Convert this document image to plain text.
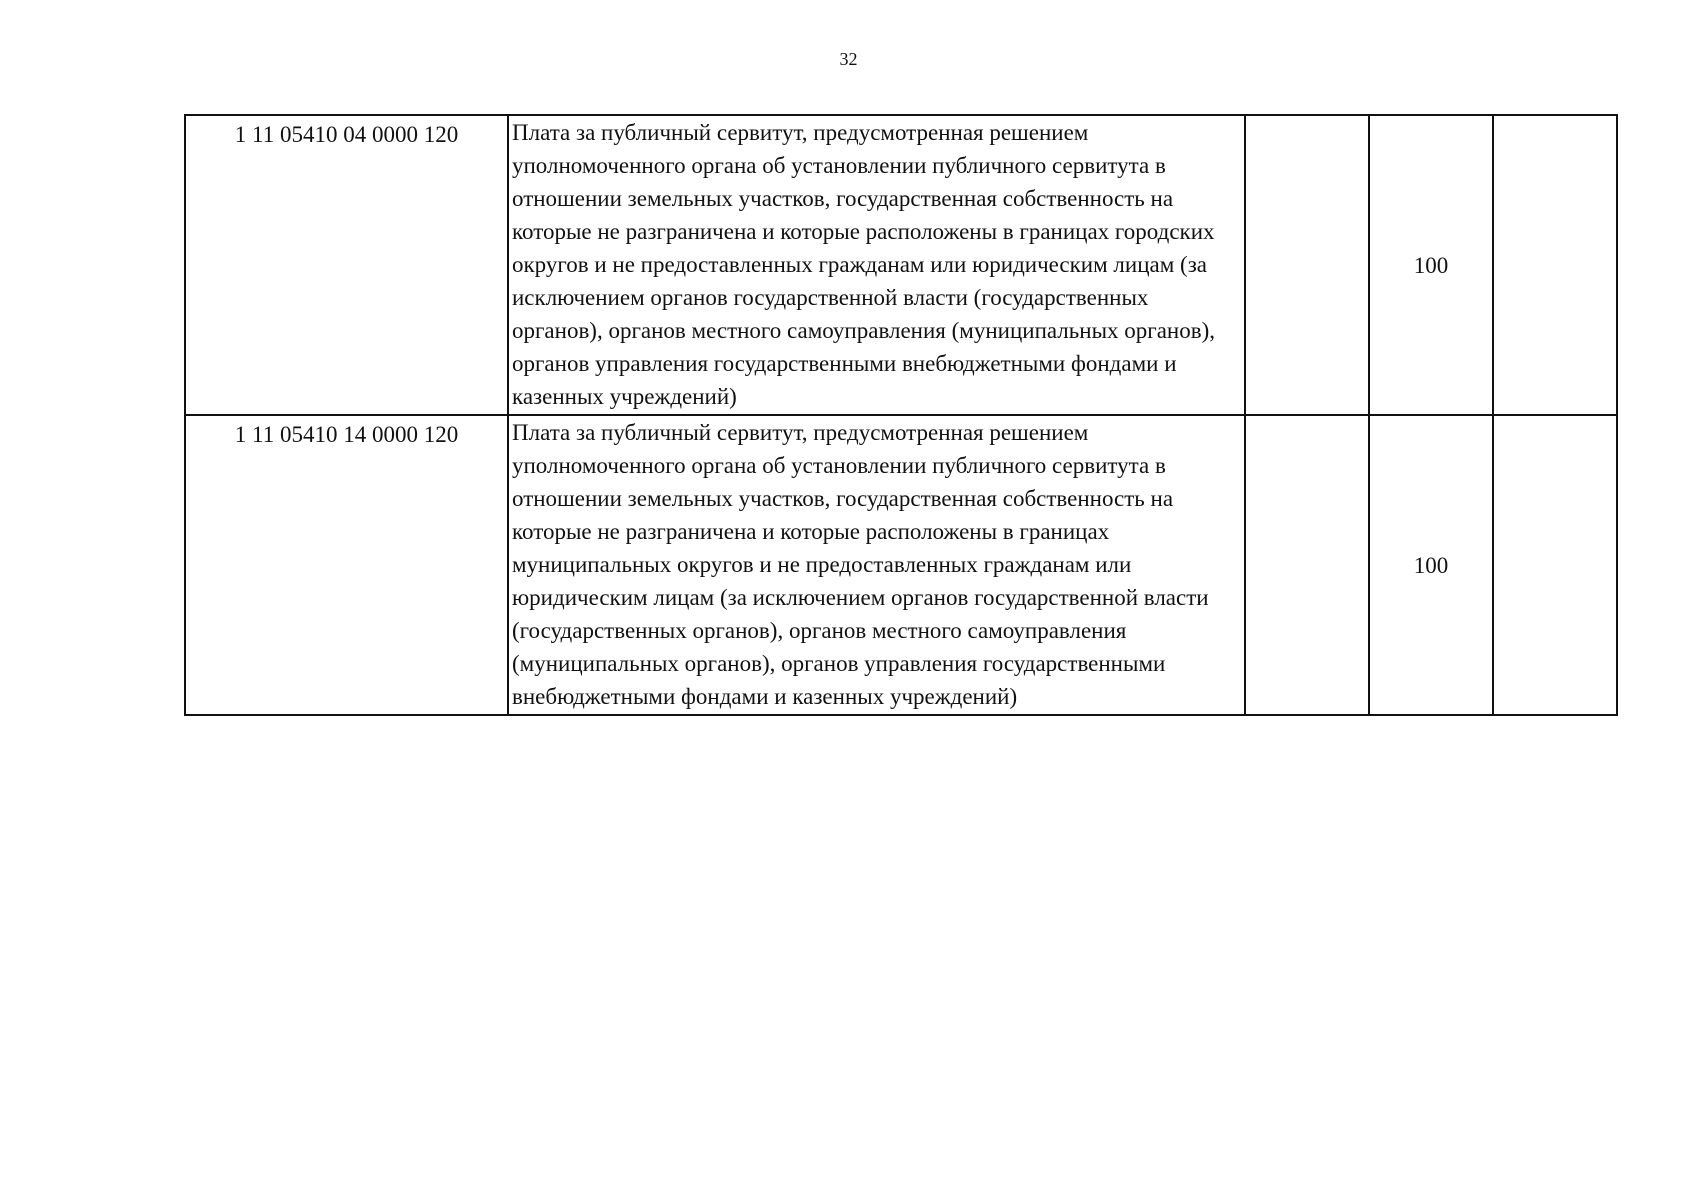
32
1 11 05410 04 0000 120	Плата за публичный сервитут, предусмотренная решением уполномоченного органа об установлении публичного сервитута в отношении земельных участков, государственная собственность на которые не разграничена и которые расположены в границах городских округов и не предоставленных гражданам или юридическим лицам (за исключением органов государственной власти (государственных органов), органов местного самоуправления (муниципальных органов), органов управления государственными внебюджетными фондами и казенных учреждений)		100	
1 11 05410 14 0000 120	Плата за публичный сервитут, предусмотренная решением уполномоченного органа об установлении публичного сервитута в отношении земельных участков, государственная собственность на которые не разграничена и которые расположены в границах муниципальных округов и не предоставленных гражданам или юридическим лицам (за исключением органов государственной власти (государственных органов), органов местного самоуправления (муниципальных органов), органов управления государственными внебюджетными фондами и казенных учреждений)		100	
